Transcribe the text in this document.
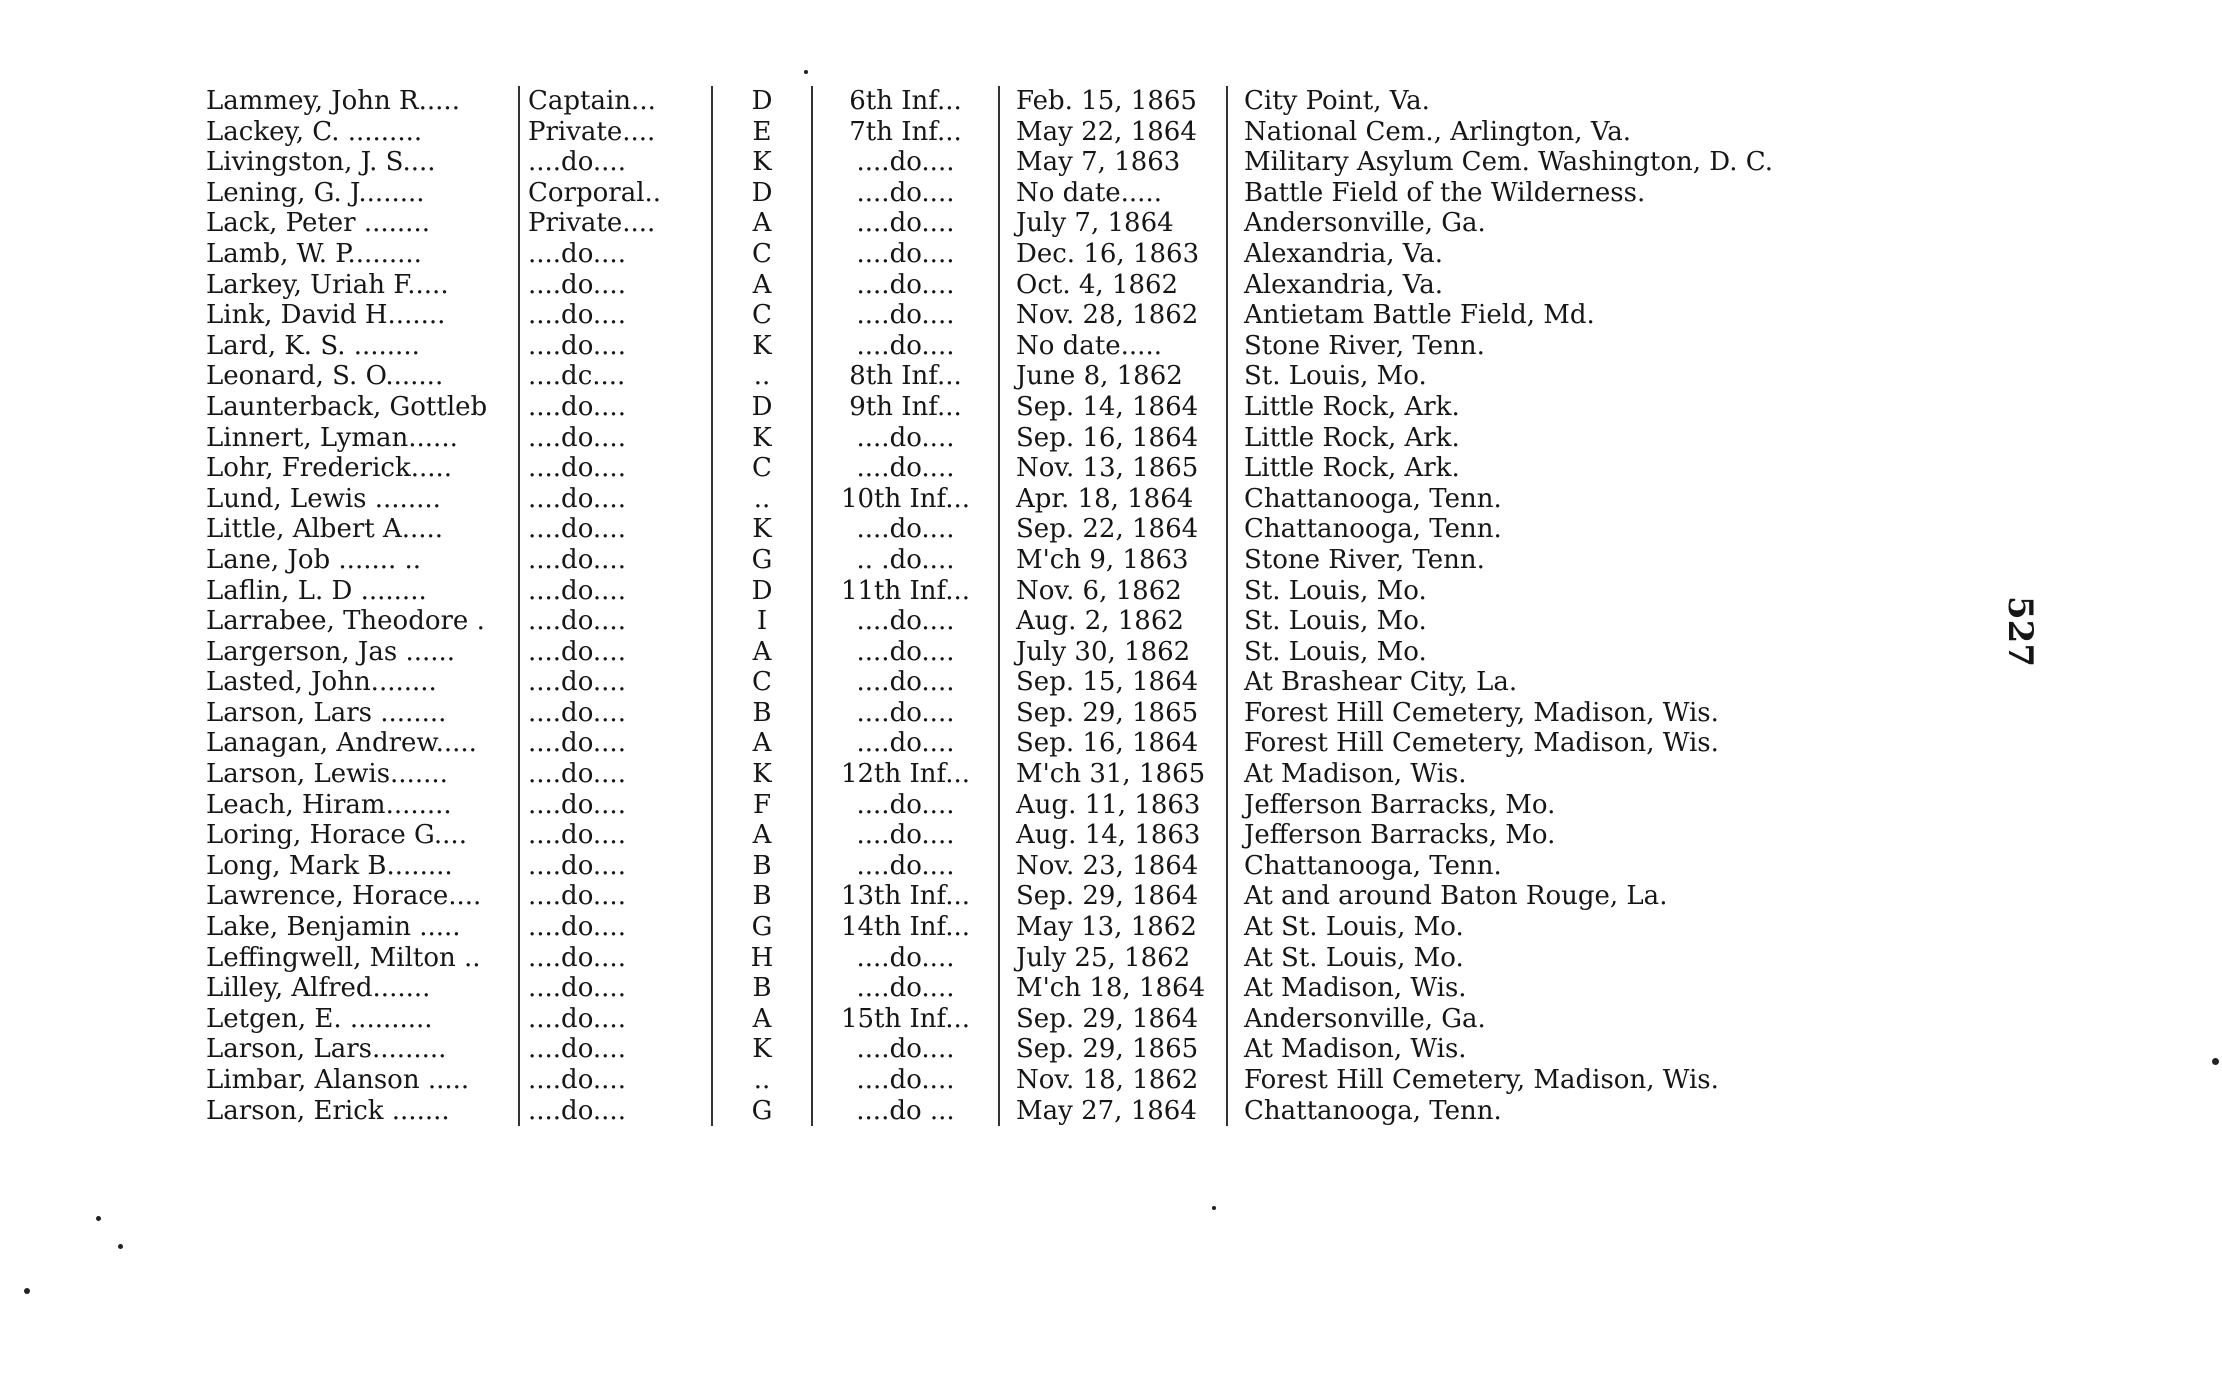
Lammey, John R.....	Captain...	D	6th Inf...	Feb. 15, 1865	City Point, Va.
Lackey, C. .........	Private....	E	7th Inf...	May 22, 1864	National Cem., Arlington, Va.
Livingston, J. S....	....do....	K	....do....	May 7, 1863	Military Asylum Cem. Washington, D. C.
Lening, G. J........	Corporal..	D	....do....	No date.....	Battle Field of the Wilderness.
Lack, Peter ........	Private....	A	....do....	July 7, 1864	Andersonville, Ga.
Lamb, W. P.........	....do....	C	....do....	Dec. 16, 1863	Alexandria, Va.
Larkey, Uriah F.....	....do....	A	....do....	Oct. 4, 1862	Alexandria, Va.
Link, David H.......	....do....	C	....do....	Nov. 28, 1862	Antietam Battle Field, Md.
Lard, K. S. ........	....do....	K	....do....	No date.....	Stone River, Tenn.
Leonard, S. O.......	....dc....	..	8th Inf...	June 8, 1862	St. Louis, Mo.
Launterback, Gottleb	....do....	D	9th Inf...	Sep. 14, 1864	Little Rock, Ark.
Linnert, Lyman......	....do....	K	....do....	Sep. 16, 1864	Little Rock, Ark.
Lohr, Frederick.....	....do....	C	....do....	Nov. 13, 1865	Little Rock, Ark.
Lund, Lewis ........	....do....	..	10th Inf...	Apr. 18, 1864	Chattanooga, Tenn.
Little, Albert A.....	....do....	K	....do....	Sep. 22, 1864	Chattanooga, Tenn.
Lane, Job ....... ..	....do....	G	.. .do....	M'ch 9, 1863	Stone River, Tenn.
Laflin, L. D ........	....do....	D	11th Inf...	Nov. 6, 1862	St. Louis, Mo.
Larrabee, Theodore .	....do....	I	....do....	Aug. 2, 1862	St. Louis, Mo.
Largerson, Jas ......	....do....	A	....do....	July 30, 1862	St. Louis, Mo.
Lasted, John........	....do....	C	....do....	Sep. 15, 1864	At Brashear City, La.
Larson, Lars ........	....do....	B	....do....	Sep. 29, 1865	Forest Hill Cemetery, Madison, Wis.
Lanagan, Andrew.....	....do....	A	....do....	Sep. 16, 1864	Forest Hill Cemetery, Madison, Wis.
Larson, Lewis.......	....do....	K	12th Inf...	M'ch 31, 1865	At Madison, Wis.
Leach, Hiram........	....do....	F	....do....	Aug. 11, 1863	Jefferson Barracks, Mo.
Loring, Horace G....	....do....	A	....do....	Aug. 14, 1863	Jefferson Barracks, Mo.
Long, Mark B........	....do....	B	....do....	Nov. 23, 1864	Chattanooga, Tenn.
Lawrence, Horace....	....do....	B	13th Inf...	Sep. 29, 1864	At and around Baton Rouge, La.
Lake, Benjamin .....	....do....	G	14th Inf...	May 13, 1862	At St. Louis, Mo.
Leffingwell, Milton ..	....do....	H	....do....	July 25, 1862	At St. Louis, Mo.
Lilley, Alfred.......	....do....	B	....do....	M'ch 18, 1864	At Madison, Wis.
Letgen, E. ..........	....do....	A	15th Inf...	Sep. 29, 1864	Andersonville, Ga.
Larson, Lars.........	....do....	K	....do....	Sep. 29, 1865	At Madison, Wis.
Limbar, Alanson .....	....do....	..	....do....	Nov. 18, 1862	Forest Hill Cemetery, Madison, Wis.
Larson, Erick .......	....do....	G	....do ...	May 27, 1864	Chattanooga, Tenn.
527
